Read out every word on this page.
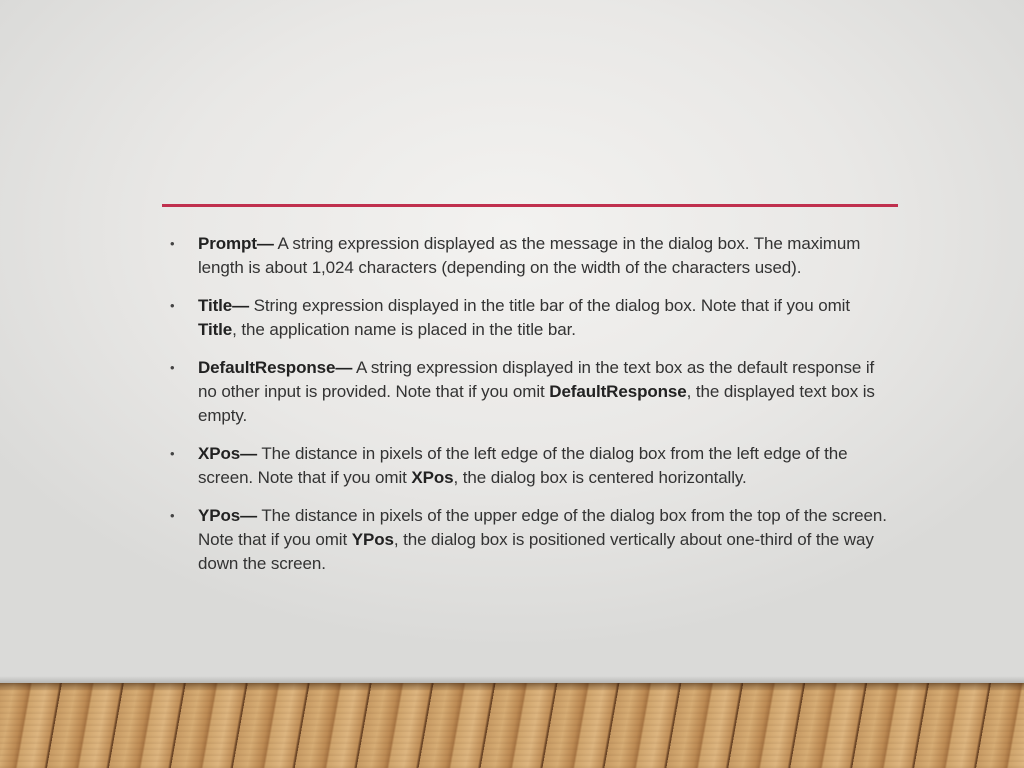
• Prompt— A string expression displayed as the message in the dialog box. The maximum length is about 1,024 characters (depending on the width of the characters used).
• Title— String expression displayed in the title bar of the dialog box. Note that if you omit Title, the application name is placed in the title bar.
• DefaultResponse— A string expression displayed in the text box as the default response if no other input is provided. Note that if you omit DefaultResponse, the displayed text box is empty.
• XPos— The distance in pixels of the left edge of the dialog box from the left edge of the screen. Note that if you omit XPos, the dialog box is centered horizontally.
• YPos— The distance in pixels of the upper edge of the dialog box from the top of the screen. Note that if you omit YPos, the dialog box is positioned vertically about one-third of the way down the screen.
